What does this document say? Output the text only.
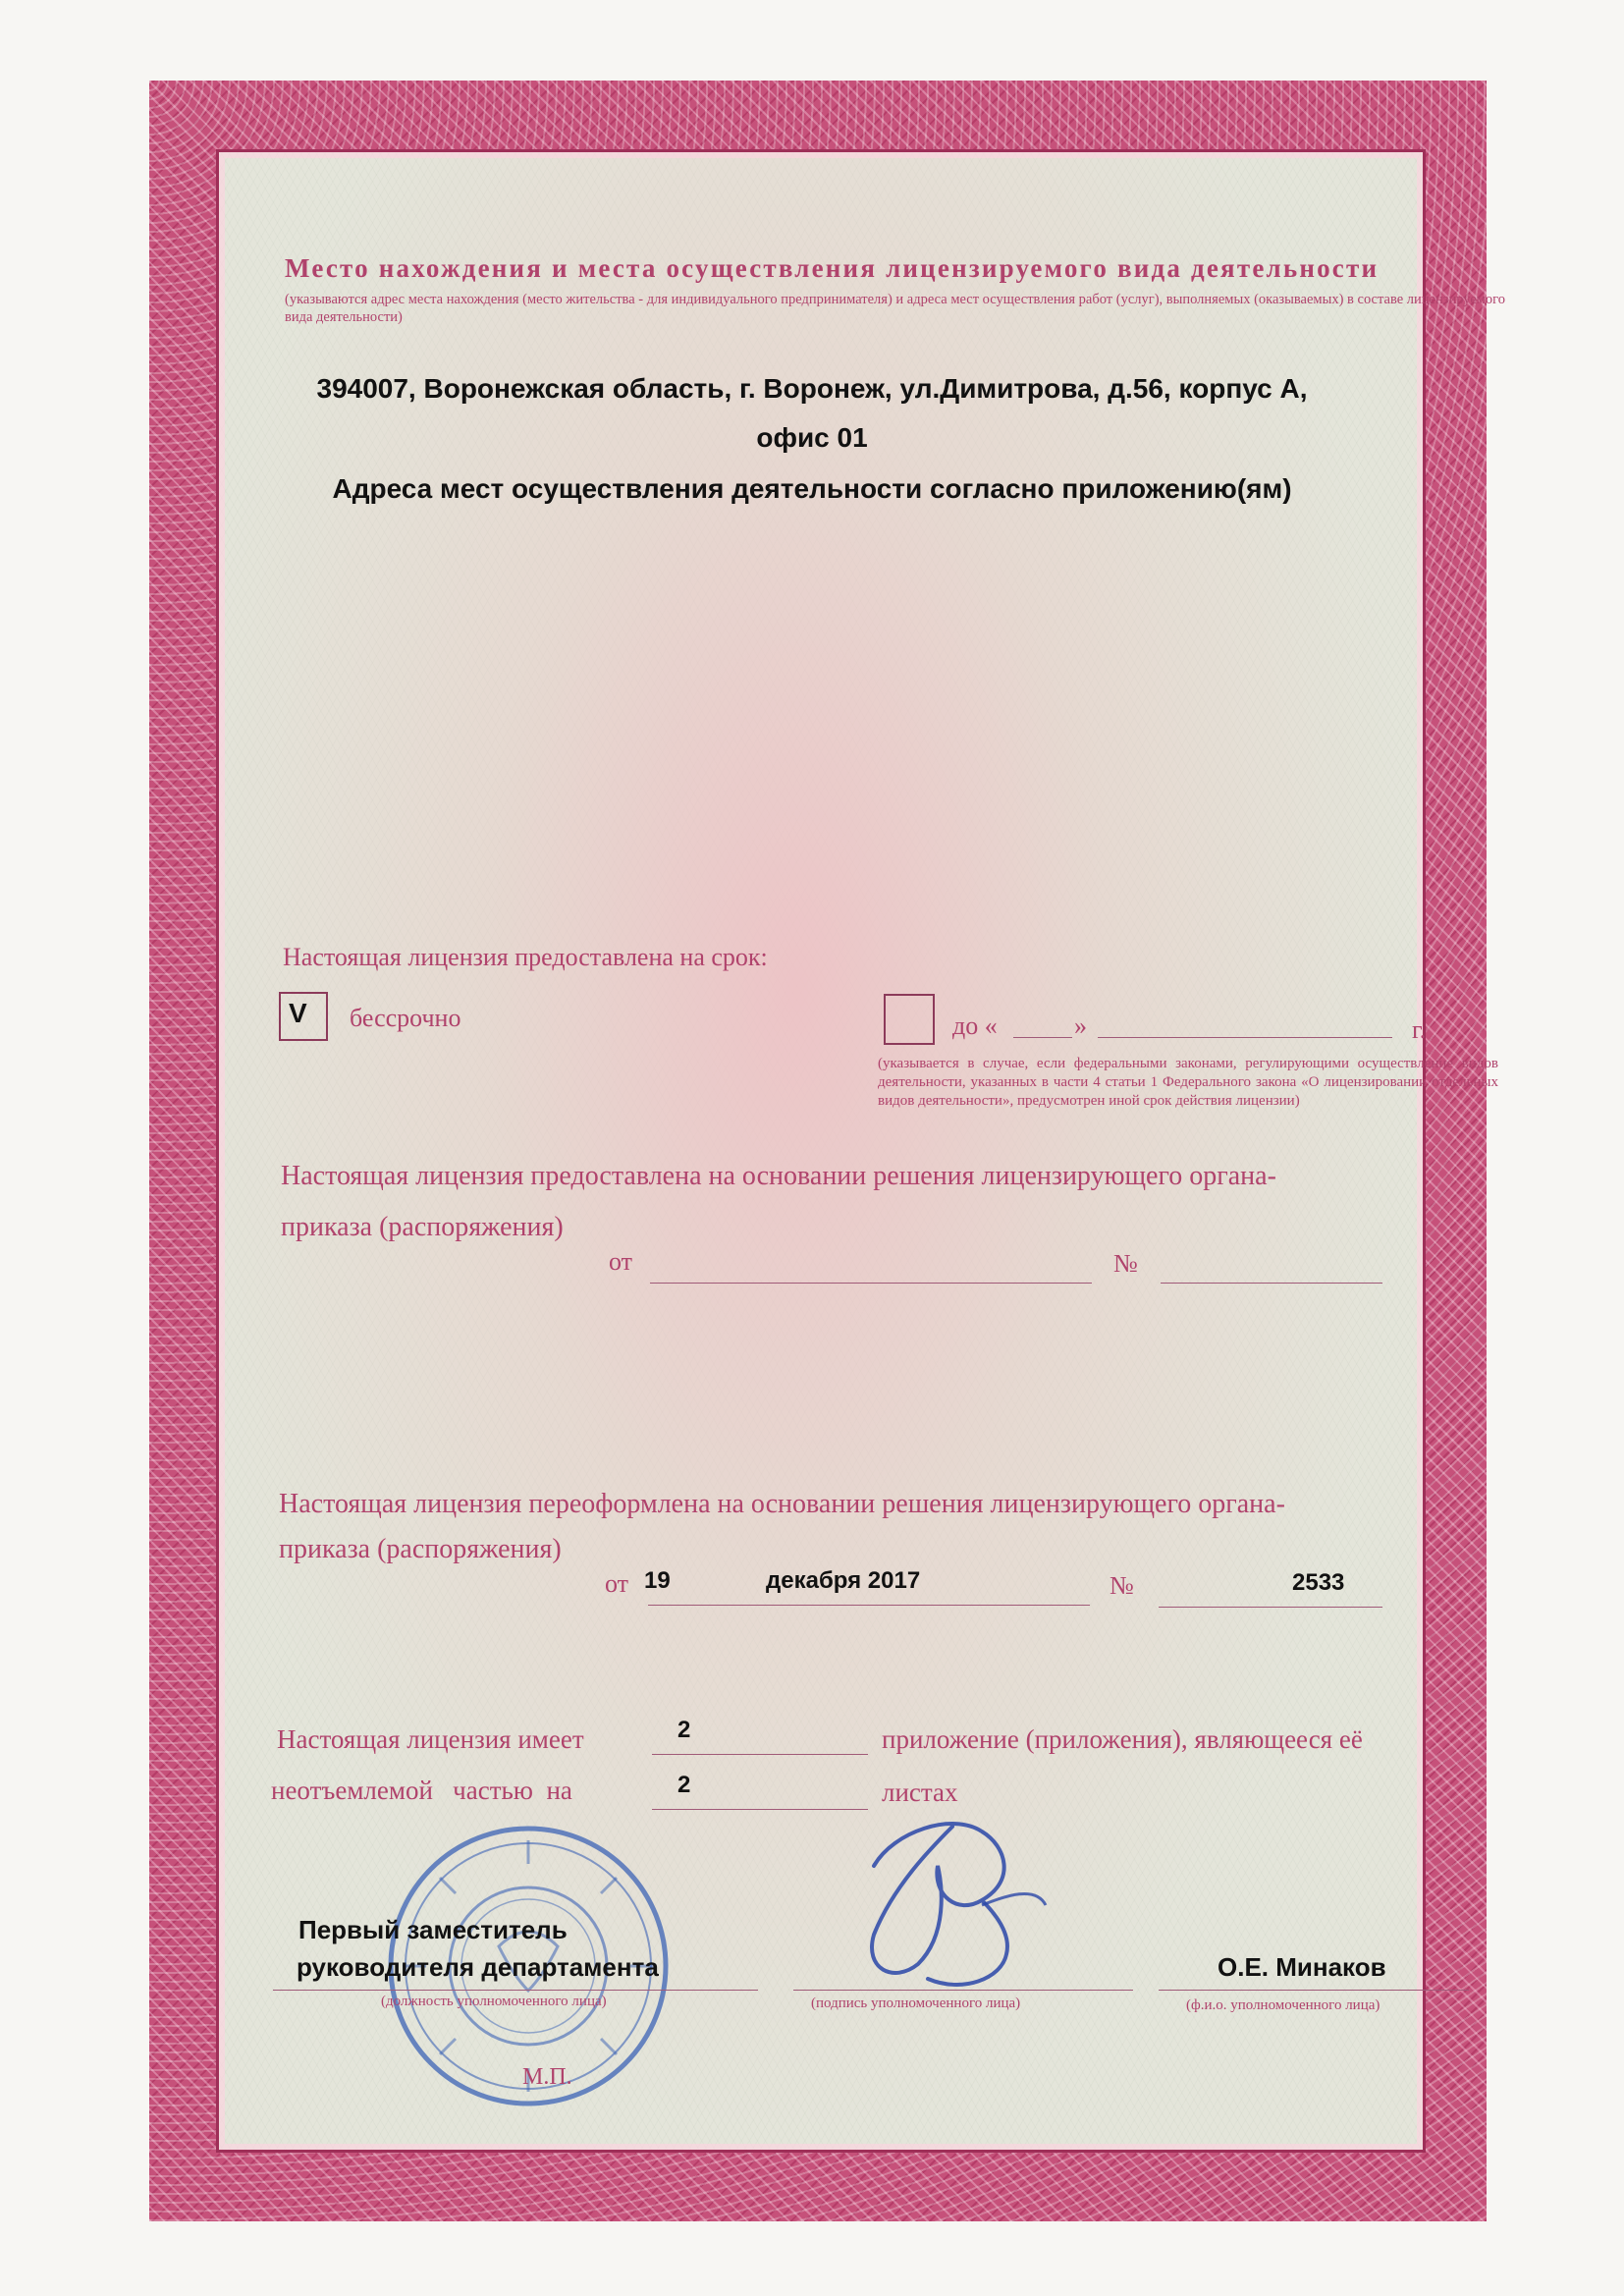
Место нахождения и места осуществления лицензируемого вида деятельности
(указываются адрес места нахождения (место жительства - для индивидуального предпринимателя) и адреса мест осуществления работ (услуг), выполняемых (оказываемых) в составе лицензируемого вида деятельности)
394007, Воронежская область, г. Воронеж, ул.Димитрова, д.56, корпус А,
офис 01
Адреса мест осуществления деятельности согласно приложению(ям)
Настоящая лицензия предоставлена на срок:
V бессрочно	до «	»	г.
(указывается в случае, если федеральными законами, регулирующими осуществление видов деятельности, указанных в части 4 статьи 1 Федерального закона «О лицензировании отдельных видов деятельности», предусмотрен иной срок действия лицензии)
Настоящая лицензия предоставлена на основании решения лицензирующего органа-
приказа (распоряжения)
от	№
Настоящая лицензия переоформлена на основании решения лицензирующего органа-
приказа (распоряжения)
от 19	декабря 2017	№	2533
Настоящая лицензия имеет	2	приложение (приложения), являющееся её
неотъемлемой   частью  на	2	листах
Первый заместитель
руководителя департамента
(должность уполномоченного лица)	(подпись уполномоченного лица)
О.Е. Минаков
(ф.и.о. уполномоченного лица)
М.П.
